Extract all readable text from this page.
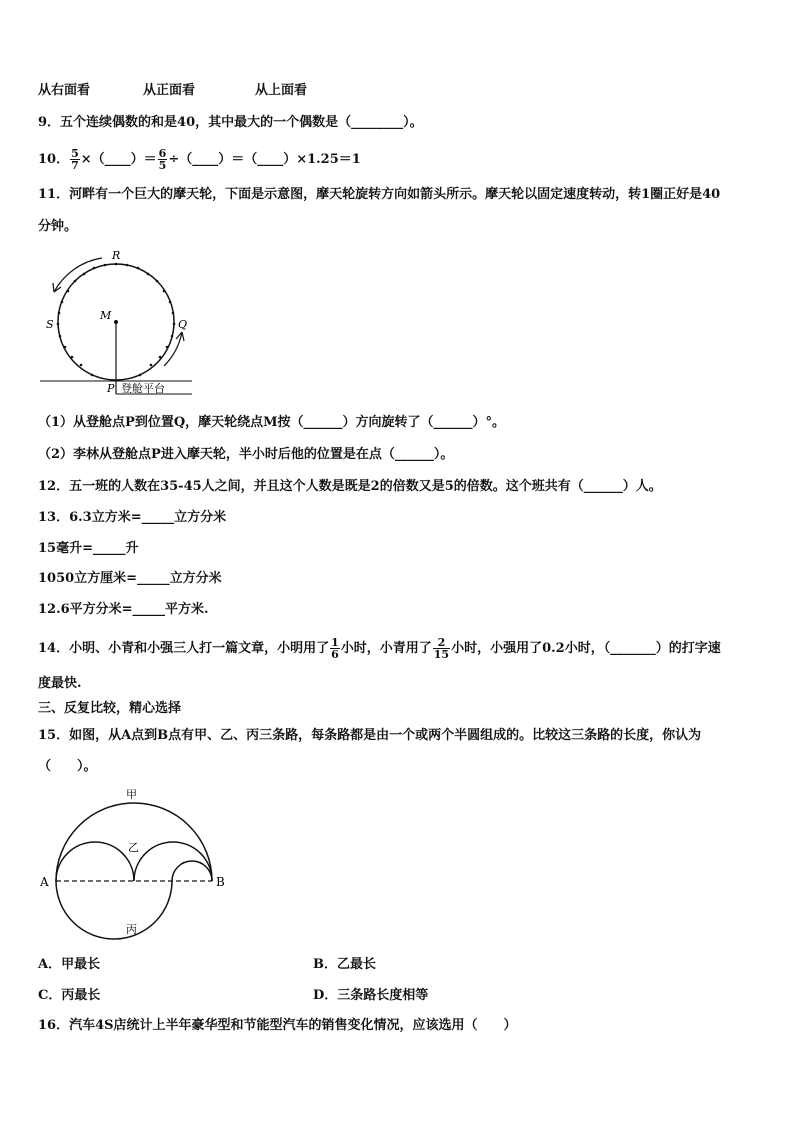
从右面看	从正面看	从上面看
9．五个连续偶数的和是40，其中最大的一个偶数是（________）。
10． $\frac{5}{7}$ ×（____）＝ $\frac{6}{5}$ ÷（____）＝（____）×1.25＝1
11．河畔有一个巨大的摩天轮，下面是示意图，摩天轮旋转方向如箭头所示。摩天轮以固定速度转动，转1圈正好是40
分钟。
R
S
M
Q
P 登舱平台
（1）从登舱点P到位置Q，摩天轮绕点M按（______）方向旋转了（______）°。
（2）李林从登舱点P进入摩天轮，半小时后他的位置是在点（______）。
12．五一班的人数在35-45人之间，并且这个人数是既是2的倍数又是5的倍数。这个班共有（______）人。
13．6.3立方米=_____立方分米
15毫升=_____升
1050立方厘米=_____立方分米
12.6平方分米=_____平方米.
14．小明、小青和小强三人打一篇文章，小明用了 $\frac{1}{6}$ 小时，小青用了 $\frac{2}{15}$ 小时，小强用了0.2小时，（_______）的打字速
度最快.
三、反复比较，精心选择
15．如图，从A点到B点有甲、乙、丙三条路，每条路都是由一个或两个半圆组成的。比较这三条路的长度，你认为
（　　）。
A	B
甲
乙
丙
A．甲最长	B．乙最长
C．丙最长	D．三条路长度相等
16．汽车4S店统计上半年豪华型和节能型汽车的销售变化情况，应该选用（　　）
